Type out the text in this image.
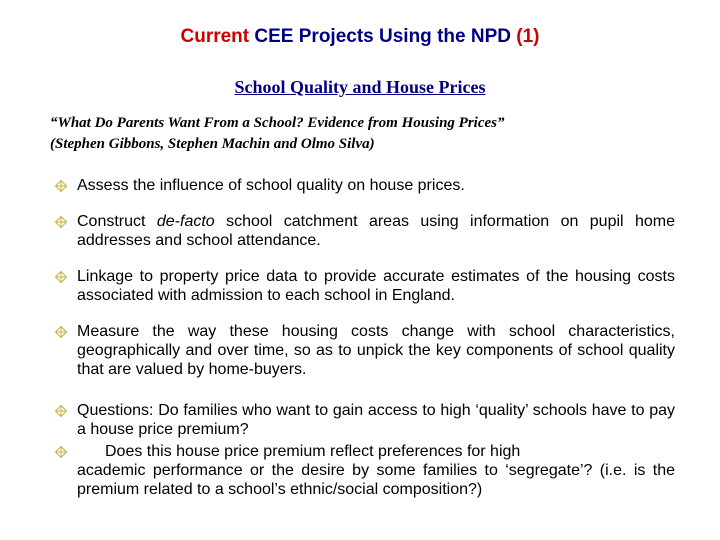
Current CEE Projects Using the NPD (1)
School Quality and House Prices
“What Do Parents Want From a School? Evidence from Housing Prices”
(Stephen Gibbons, Stephen Machin and Olmo Silva)
Assess the influence of school quality on house prices.
Construct de-facto school catchment areas using information on pupil home addresses and school attendance.
Linkage to property price data to provide accurate estimates of the housing costs associated with admission to each school in England.
Measure the way these housing costs change with school characteristics, geographically and over time, so as to unpick the key components of school quality that are valued by home-buyers.
Questions: Do families who want to gain access to high ‘quality’ schools have to pay a house price premium?
Does this house price premium reflect preferences for high
academic performance or the desire by some families to ‘segregate’? (i.e. is the premium related to a school’s ethnic/social composition?)
